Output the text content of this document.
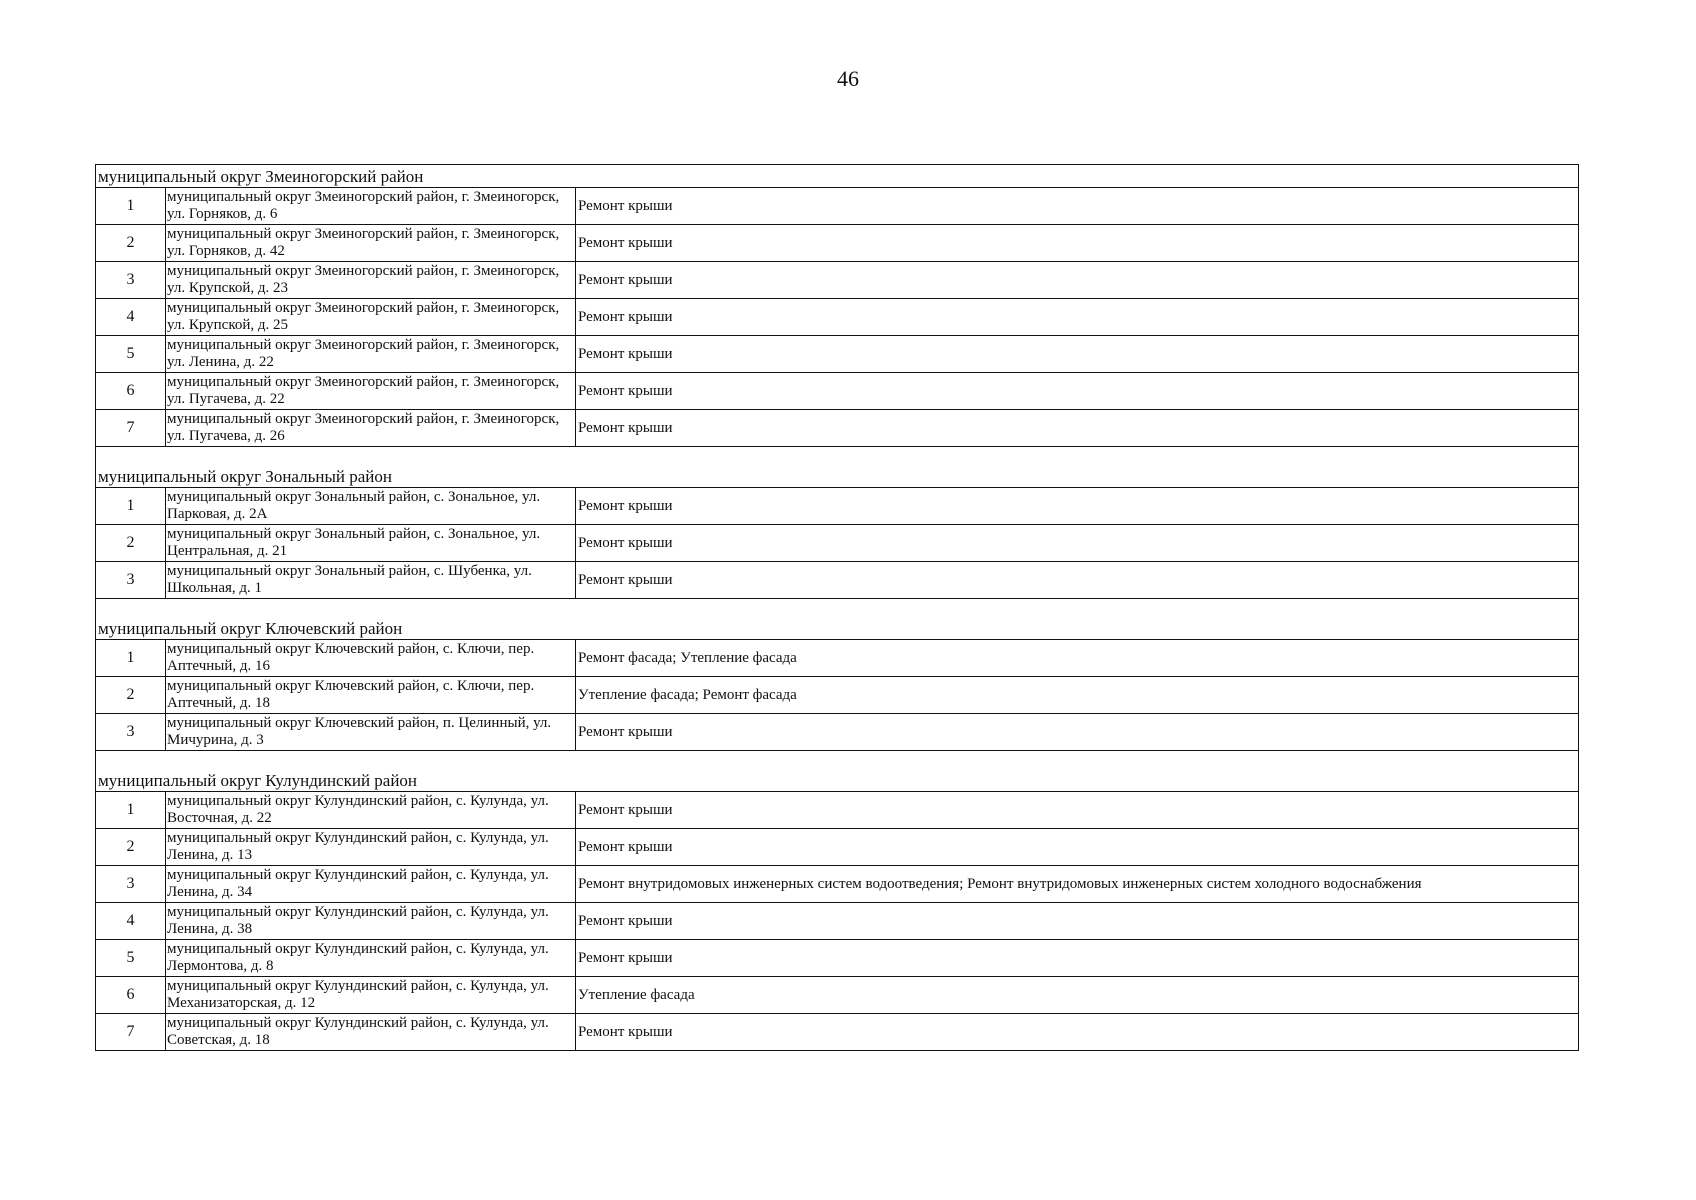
46
муниципальный округ Змеиногорский район		
1	муниципальный округ Змеиногорский район, г. Змеиногорск, ул. Горняков, д. 6	Ремонт крыши
2	муниципальный округ Змеиногорский район, г. Змеиногорск, ул. Горняков, д. 42	Ремонт крыши
3	муниципальный округ Змеиногорский район, г. Змеиногорск, ул. Крупской, д. 23	Ремонт крыши
4	муниципальный округ Змеиногорский район, г. Змеиногорск, ул. Крупской, д. 25	Ремонт крыши
5	муниципальный округ Змеиногорский район, г. Змеиногорск, ул. Ленина, д. 22	Ремонт крыши
6	муниципальный округ Змеиногорский район, г. Змеиногорск, ул. Пугачева, д. 22	Ремонт крыши
7	муниципальный округ Змеиногорский район, г. Змеиногорск, ул. Пугачева, д. 26	Ремонт крыши
муниципальный округ Зональный район		
1	муниципальный округ Зональный район, с. Зональное, ул. Парковая, д. 2А	Ремонт крыши
2	муниципальный округ Зональный район, с. Зональное, ул. Центральная, д. 21	Ремонт крыши
3	муниципальный округ Зональный район, с. Шубенка, ул. Школьная, д. 1	Ремонт крыши
муниципальный округ Ключевский район		
1	муниципальный округ Ключевский район, с. Ключи, пер. Аптечный, д. 16	Ремонт фасада; Утепление фасада
2	муниципальный округ Ключевский район, с. Ключи, пер. Аптечный, д. 18	Утепление фасада; Ремонт фасада
3	муниципальный округ Ключевский район, п. Целинный, ул. Мичурина, д. 3	Ремонт крыши
муниципальный округ Кулундинский район		
1	муниципальный округ Кулундинский район, с. Кулунда, ул. Восточная, д. 22	Ремонт крыши
2	муниципальный округ Кулундинский район, с. Кулунда, ул. Ленина, д. 13	Ремонт крыши
3	муниципальный округ Кулундинский район, с. Кулунда, ул. Ленина, д. 34	Ремонт внутридомовых инженерных систем водоотведения; Ремонт внутридомовых инженерных систем холодного водоснабжения
4	муниципальный округ Кулундинский район, с. Кулунда, ул. Ленина, д. 38	Ремонт крыши
5	муниципальный округ Кулундинский район, с. Кулунда, ул. Лермонтова, д. 8	Ремонт крыши
6	муниципальный округ Кулундинский район, с. Кулунда, ул. Механизаторская, д. 12	Утепление фасада
7	муниципальный округ Кулундинский район, с. Кулунда, ул. Советская, д. 18	Ремонт крыши
